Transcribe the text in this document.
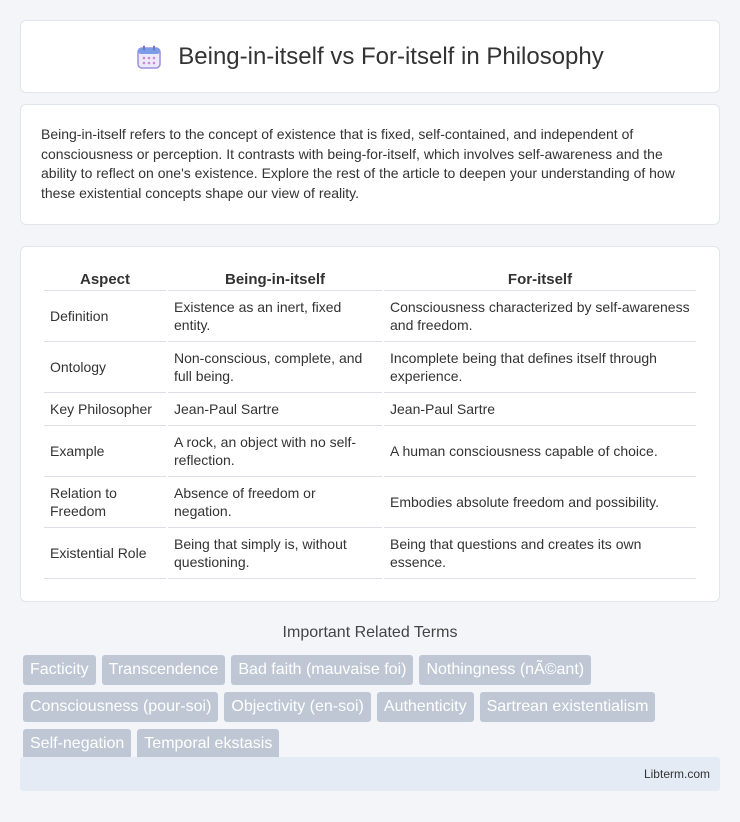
Being-in-itself vs For-itself in Philosophy

Being-in-itself refers to the concept of existence that is fixed, self-contained, and independent of consciousness or perception. It contrasts with being-for-itself, which involves self-awareness and the ability to reflect on one's existence. Explore the rest of the article to deepen your understanding of how these existential concepts shape our view of reality.

Aspect	Being-in-itself	For-itself
Definition	Existence as an inert, fixed entity.	Consciousness characterized by self-awareness and freedom.
Ontology	Non-conscious, complete, and full being.	Incomplete being that defines itself through experience.
Key Philosopher	Jean-Paul Sartre	Jean-Paul Sartre
Example	A rock, an object with no self-reflection.	A human consciousness capable of choice.
Relation to Freedom	Absence of freedom or negation.	Embodies absolute freedom and possibility.
Existential Role	Being that simply is, without questioning.	Being that questions and creates its own essence.
Important Related Terms
Facticity	Transcendence	Bad faith (mauvaise foi)	Nothingness (nÃ©ant)
Consciousness (pour-soi)	Objectivity (en-soi)	Authenticity	Sartrean existentialism
Self-negation	Temporal ekstasis
Libterm.com
